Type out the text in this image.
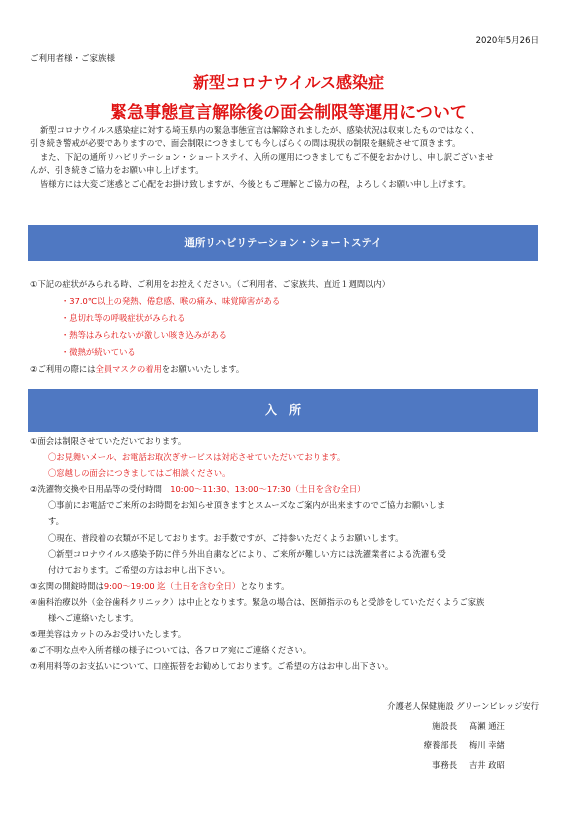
2020年5月26日
ご利用者様・ご家族様
新型コロナウイルス感染症
緊急事態宣言解除後の面会制限等運用について

新型コロナウイルス感染症に対する埼玉県内の緊急事態宣言は解除されましたが、感染状況は収束したものではなく、

引き続き警戒が必要でありますので、面会制限につきましても今しばらくの間は現状の制限を継続させて頂きます。

また、下記の通所リハビリテーション・ショートステイ、入所の運用につきましてもご不便をおかけし、申し訳ございませ

んが、引き続きご協力をお願い申し上げます。

皆様方には大変ご迷惑とご心配をお掛け致しますが、今後ともご理解とご協力の程，よろしくお願い申し上げます。

通所リハビリテーション・ショートステイ
①下記の症状がみられる時、ご利用をお控えください。（ご利用者、ご家族共、直近１週間以内）
・37.0℃以上の発熱、倦怠感、喉の痛み、味覚障害がある
・息切れ等の呼吸症状がみられる
・熱等はみられないが激しい咳き込みがある
・微熱が続いている
②ご利用の際には全員マスクの着用をお願いいたします。
入　所
①面会は制限させていただいております。
〇お見舞いメール、お電話お取次ぎサービスは対応させていただいております。
〇窓越しの面会につきましてはご相談ください。
②洗濯物交換や日用品等の受付時間　 10:00～11:30、13:00～17:30（土日を含む全日）
〇事前にお電話でご来所のお時間をお知らせ頂きますとスムーズなご案内が出来ますのでご協力お願いしま
す。
〇現在、普段着の衣類が不足しております。お手数ですが、ご持参いただくようお願いします。
〇新型コロナウイルス感染予防に伴う外出自粛などにより、ご来所が難しい方には洗濯業者による洗濯も受
付けております。ご希望の方はお申し出下さい。
③玄関の開錠時間は9:00～19:00 迄（土日を含む全日）となります。
④歯科治療以外（金谷歯科クリニック）は中止となります。緊急の場合は、医師指示のもと受診をしていただくようご家族
様へご連絡いたします。
⑤理美容はカットのみお受けいたします。
⑥ご不明な点や入所者様の様子については、各フロア宛にご連絡ください。
⑦利用料等のお支払いについて、口座振替をお勧めしております。ご希望の方はお申し出下さい。
介護老人保健施設 グリーンビレッジ安行
施設長 髙瀬 通汪
療養部長 梅川 幸緒
事務長 吉井 政昭
